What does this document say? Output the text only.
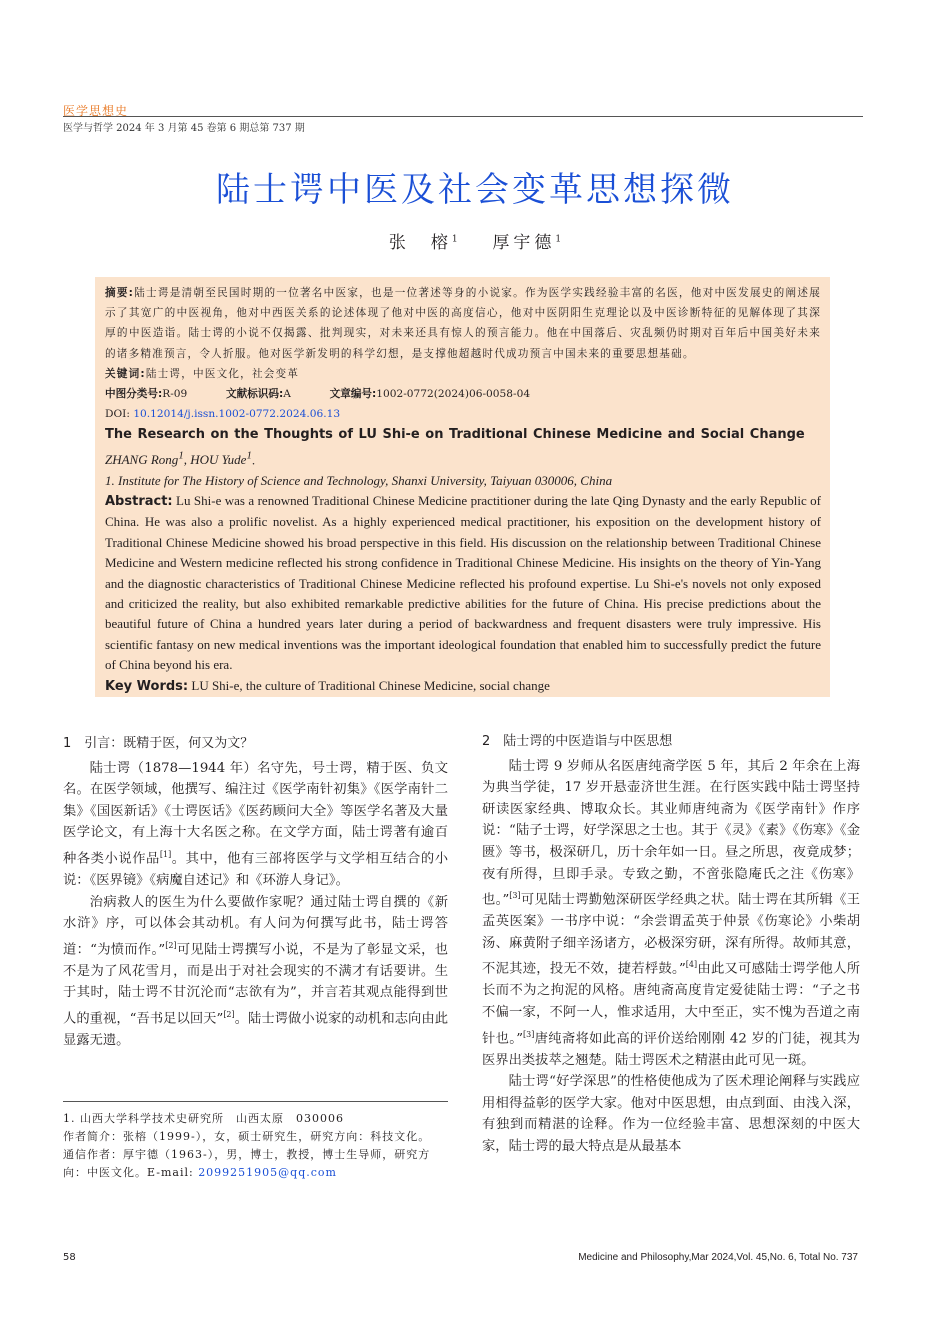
医学思想史
医学与哲学 2024 年 3 月第 45 卷第 6 期总第 737 期
陆士谔中医及社会变革思想探微
张　榕$^1$ 厚宇德$^1$
摘要:陆士谔是清朝至民国时期的一位著名中医家，也是一位著述等身的小说家。作为医学实践经验丰富的名医，他对中医发展史的阐述展示了其宽广的中医视角，他对中西医关系的论述体现了他对中医的高度信心，他对中医阴阳生克理论以及中医诊断特征的见解体现了其深厚的中医造诣。陆士谔的小说不仅揭露、批判现实，对未来还具有惊人的预言能力。他在中国落后、灾乱频仍时期对百年后中国美好未来的诸多精准预言，令人折服。他对医学新发明的科学幻想，是支撑他超越时代成功预言中国未来的重要思想基础。
关键词:陆士谔，中医文化，社会变革
中图分类号:R-09	文献标识码:A	文章编号:1002-0772(2024)06-0058-04
DOI: 10.12014/j.issn.1002-0772.2024.06.13
The Research on the Thoughts of LU Shi-e on Traditional Chinese Medicine and Social Change  ZHANG Rong$^1$, HOU Yude$^1$.
1. Institute for The History of Science and Technology, Shanxi University, Taiyuan 030006, China
Abstract: Lu Shi-e was a renowned Traditional Chinese Medicine practitioner during the late Qing Dynasty and the early Republic of China. He was also a prolific novelist. As a highly experienced medical practitioner, his exposition on the development history of Traditional Chinese Medicine showed his broad perspective in this field. His discussion on the relationship between Traditional Chinese Medicine and Western medicine reflected his strong confidence in Traditional Chinese Medicine. His insights on the theory of Yin-Yang and the diagnostic characteristics of Traditional Chinese Medicine reflected his profound expertise. Lu Shi-e's novels not only exposed and criticized the reality, but also exhibited remarkable predictive abilities for the future of China. His precise predictions about the beautiful future of China a hundred years later during a period of backwardness and frequent disasters were truly impressive. His scientific fantasy on new medical inventions was the important ideological foundation that enabled him to successfully predict the future of China beyond his era.
Key Words: LU Shi-e, the culture of Traditional Chinese Medicine, social change
1　引言：既精于医，何又为文？

陆士谔（1878—1944 年）名守先，号士谔，精于医、负文名。在医学领域，他撰写、编注过《医学南针初集》《医学南针二集》《国医新话》《士谔医话》《医药顾问大全》等医学名著及大量医学论文，有上海十大名医之称。在文学方面，陆士谔著有逾百种各类小说作品[1]。其中，他有三部将医学与文学相互结合的小说：《医界镜》《病魔自述记》和《环游人身记》。

治病救人的医生为什么要做作家呢？通过陆士谔自撰的《新水浒》序，可以体会其动机。有人问为何撰写此书，陆士谔答道：“为愤而作。”[2]可见陆士谔撰写小说，不是为了彰显文采，也不是为了风花雪月，而是出于对社会现实的不满才有话要讲。生于其时，陆士谔不甘沉沦而“志欲有为”，并言若其观点能得到世人的重视，“吾书足以回天”[2]。陆士谔做小说家的动机和志向由此显露无遗。

1. 山西大学科学技术史研究所　山西太原　030006
作者简介：张榕（1999-），女，硕士研究生，研究方向：科技文化。
通信作者：厚宇德（1963-），男，博士，教授，博士生导师，研究方向：中医文化。E-mail: 2099251905@qq.com
2　陆士谔的中医造诣与中医思想

陆士谔 9 岁师从名医唐纯斋学医 5 年，其后 2 年余在上海为典当学徒，17 岁开悬壶济世生涯。在行医实践中陆士谔坚持研读医家经典、博取众长。其业师唐纯斋为《医学南针》作序说：“陆子士谔，好学深思之士也。其于《灵》《素》《伤寒》《金匮》等书，极深研几，历十余年如一日。昼之所思，夜竟成梦；夜有所得，旦即手录。专致之勤，不啻张隐庵氏之注《伤寒》也。”[3]可见陆士谔勤勉深研医学经典之状。陆士谔在其所辑《王孟英医案》一书序中说：“余尝谓孟英于仲景《伤寒论》小柴胡汤、麻黄附子细辛汤诸方，必极深穷研，深有所得。故师其意，不泥其迹，投无不效，捷若桴鼓。”[4]由此又可感陆士谔学他人所长而不为之拘泥的风格。唐纯斋高度肯定爱徒陆士谔：“子之书不偏一家，不阿一人，惟求适用，大中至正，实不愧为吾道之南针也。”[3]唐纯斋将如此高的评价送给刚刚 42 岁的门徒，视其为医界出类拔萃之翘楚。陆士谔医术之精湛由此可见一斑。

陆士谔“好学深思”的性格使他成为了医术理论阐释与实践应用相得益彰的医学大家。他对中医思想，由点到面、由浅入深，有独到而精湛的诠释。作为一位经验丰富、思想深刻的中医大家，陆士谔的最大特点是从最基本

58	Medicine and Philosophy,Mar 2024,Vol. 45,No. 6, Total No. 737
